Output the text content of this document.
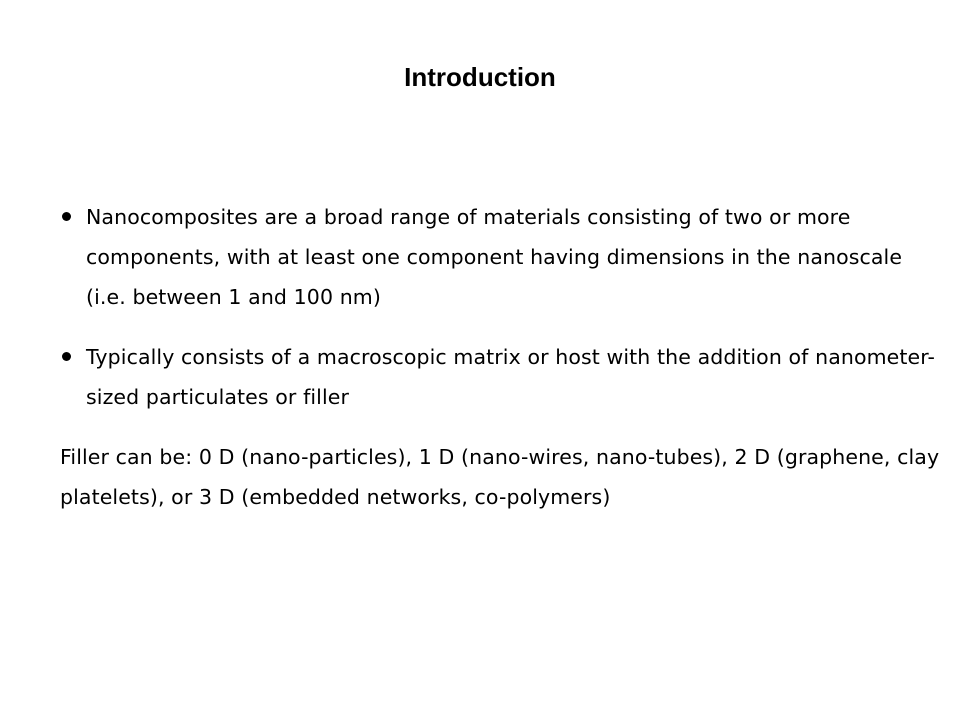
Introduction
Nanocomposites are a broad range of materials consisting of two or more components, with at least one component having dimensions in the nanoscale (i.e. between 1 and 100 nm)
Typically consists of a macroscopic matrix or host with the addition of nanometer-sized particulates or filler

Filler can be: 0 D (nano-particles), 1 D (nano-wires, nano-tubes), 2 D (graphene, clay platelets), or 3 D (embedded networks, co-polymers)
